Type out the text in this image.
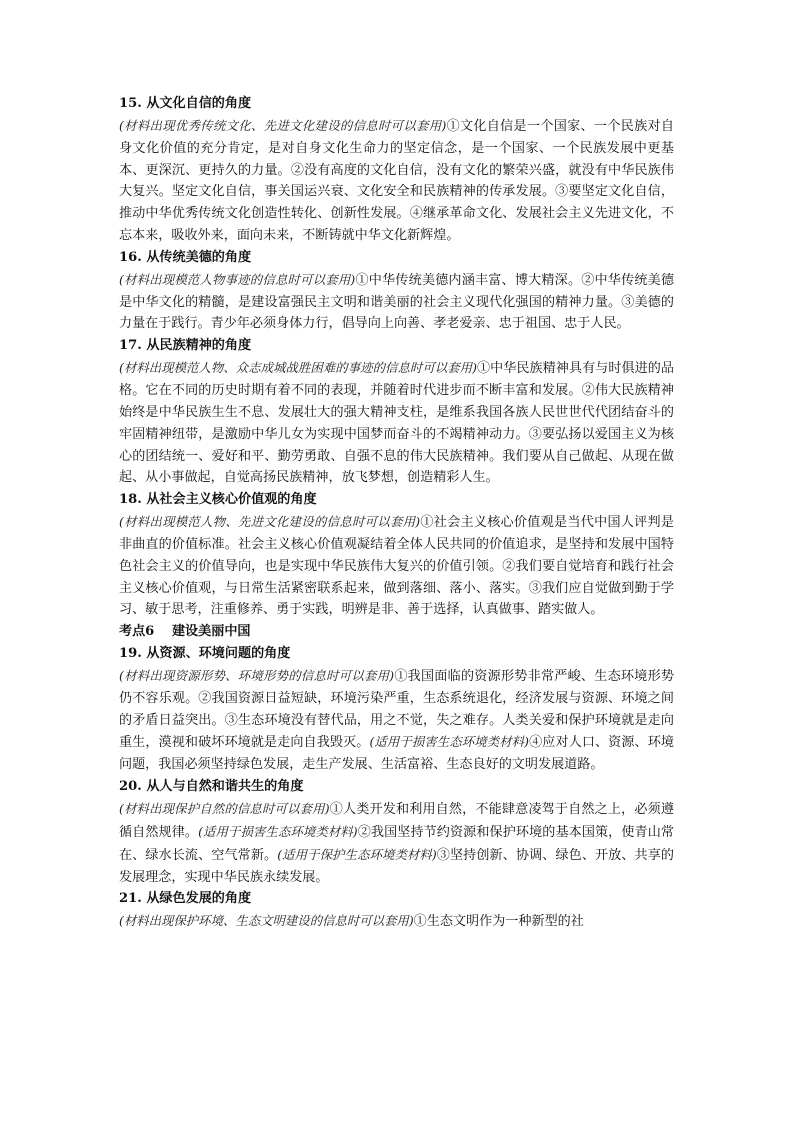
15. 从文化自信的角度

(材料出现优秀传统文化、先进文化建设的信息时可以套用)①文化自信是一个国家、一个民族对自身文化价值的充分肯定，是对自身文化生命力的坚定信念，是一个国家、一个民族发展中更基本、更深沉、更持久的力量。②没有高度的文化自信，没有文化的繁荣兴盛，就没有中华民族伟大复兴。坚定文化自信，事关国运兴衰、文化安全和民族精神的传承发展。③要坚定文化自信，推动中华优秀传统文化创造性转化、创新性发展。④继承革命文化、发展社会主义先进文化，不忘本来，吸收外来，面向未来，不断铸就中华文化新辉煌。

16. 从传统美德的角度

(材料出现模范人物事迹的信息时可以套用)①中华传统美德内涵丰富、博大精深。②中华传统美德是中华文化的精髓，是建设富强民主文明和谐美丽的社会主义现代化强国的精神力量。③美德的力量在于践行。青少年必须身体力行，倡导向上向善、孝老爱亲、忠于祖国、忠于人民。

17. 从民族精神的角度

(材料出现模范人物、众志成城战胜困难的事迹的信息时可以套用)①中华民族精神具有与时俱进的品格。它在不同的历史时期有着不同的表现，并随着时代进步而不断丰富和发展。②伟大民族精神始终是中华民族生生不息、发展壮大的强大精神支柱，是维系我国各族人民世世代代团结奋斗的牢固精神纽带，是激励中华儿女为实现中国梦而奋斗的不竭精神动力。③要弘扬以爱国主义为核心的团结统一、爱好和平、勤劳勇敢、自强不息的伟大民族精神。我们要从自己做起、从现在做起、从小事做起，自觉高扬民族精神，放飞梦想，创造精彩人生。

18. 从社会主义核心价值观的角度

(材料出现模范人物、先进文化建设的信息时可以套用)①社会主义核心价值观是当代中国人评判是非曲直的价值标准。社会主义核心价值观凝结着全体人民共同的价值追求，是坚持和发展中国特色社会主义的价值导向，也是实现中华民族伟大复兴的价值引领。②我们要自觉培育和践行社会主义核心价值观，与日常生活紧密联系起来，做到落细、落小、落实。③我们应自觉做到勤于学习、敏于思考，注重修养、勇于实践，明辨是非、善于选择，认真做事、踏实做人。

考点6　 建设美丽中国

19. 从资源、环境问题的角度

(材料出现资源形势、环境形势的信息时可以套用)①我国面临的资源形势非常严峻、生态环境形势仍不容乐观。②我国资源日益短缺，环境污染严重，生态系统退化，经济发展与资源、环境之间的矛盾日益突出。③生态环境没有替代品，用之不觉，失之难存。人类关爱和保护环境就是走向重生，漠视和破坏环境就是走向自我毁灭。(适用于损害生态环境类材料)④应对人口、资源、环境问题，我国必须坚持绿色发展，走生产发展、生活富裕、生态良好的文明发展道路。

20. 从人与自然和谐共生的角度

(材料出现保护自然的信息时可以套用)①人类开发和利用自然，不能肆意凌驾于自然之上，必须遵循自然规律。(适用于损害生态环境类材料)②我国坚持节约资源和保护环境的基本国策，使青山常在、绿水长流、空气常新。(适用于保护生态环境类材料)③坚持创新、协调、绿色、开放、共享的发展理念，实现中华民族永续发展。

21. 从绿色发展的角度

(材料出现保护环境、生态文明建设的信息时可以套用)①生态文明作为一种新型的社
